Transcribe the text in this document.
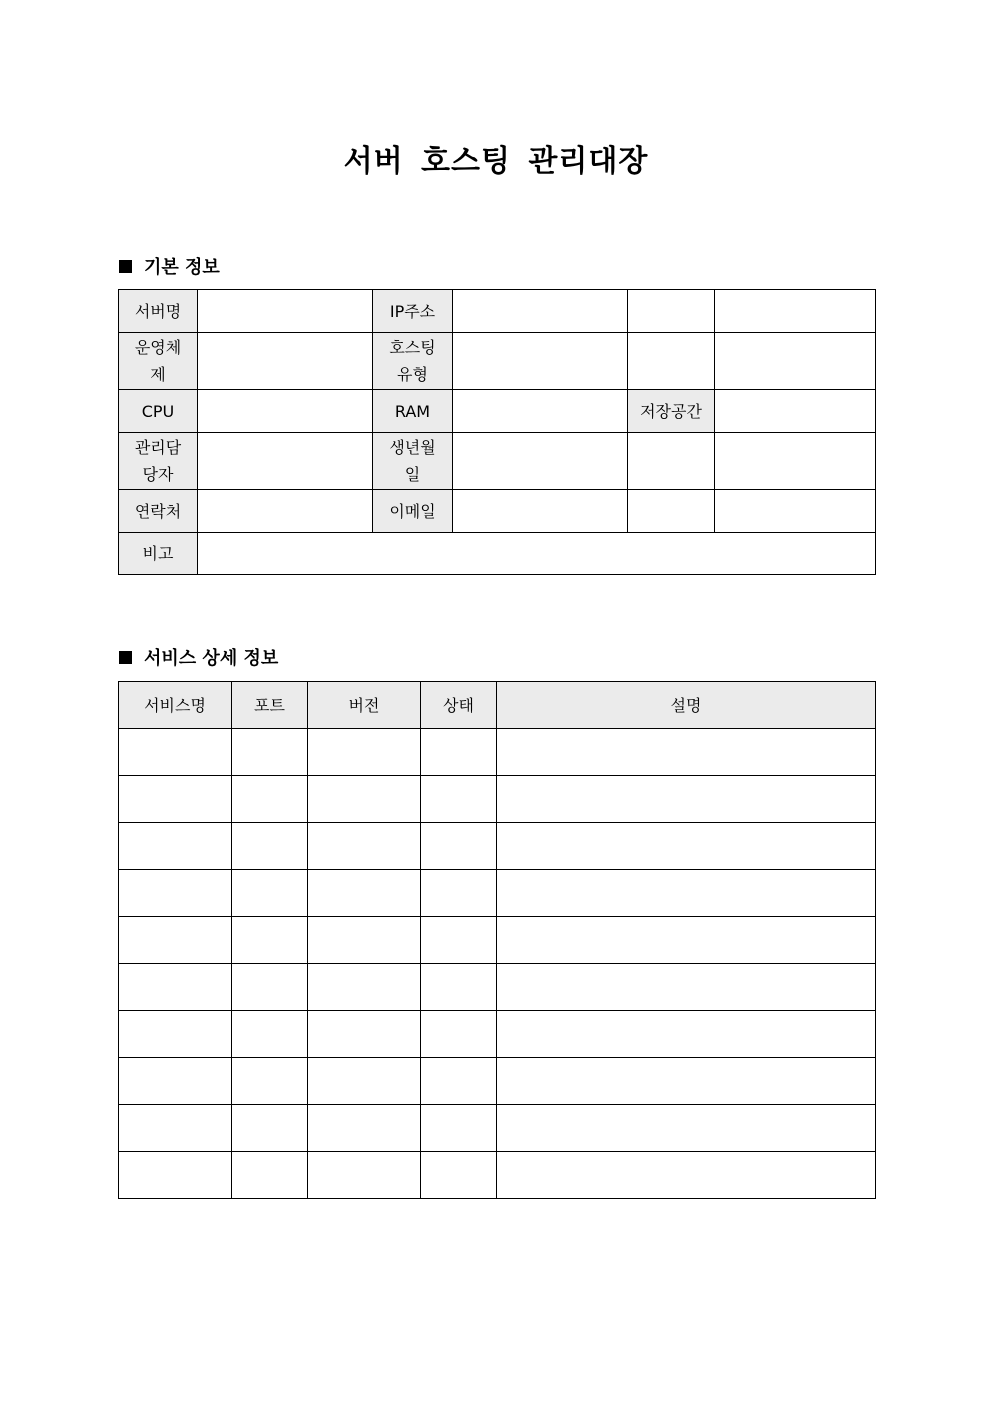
서버 호스팅 관리대장
기본 정보
서버명		IP주소			
운영체제		호스팅유형			
CPU		RAM		저장공간	
관리담당자		생년월일			
연락처		이메일			
비고					
서비스 상세 정보
서비스명	포트	버전	상태	설명
